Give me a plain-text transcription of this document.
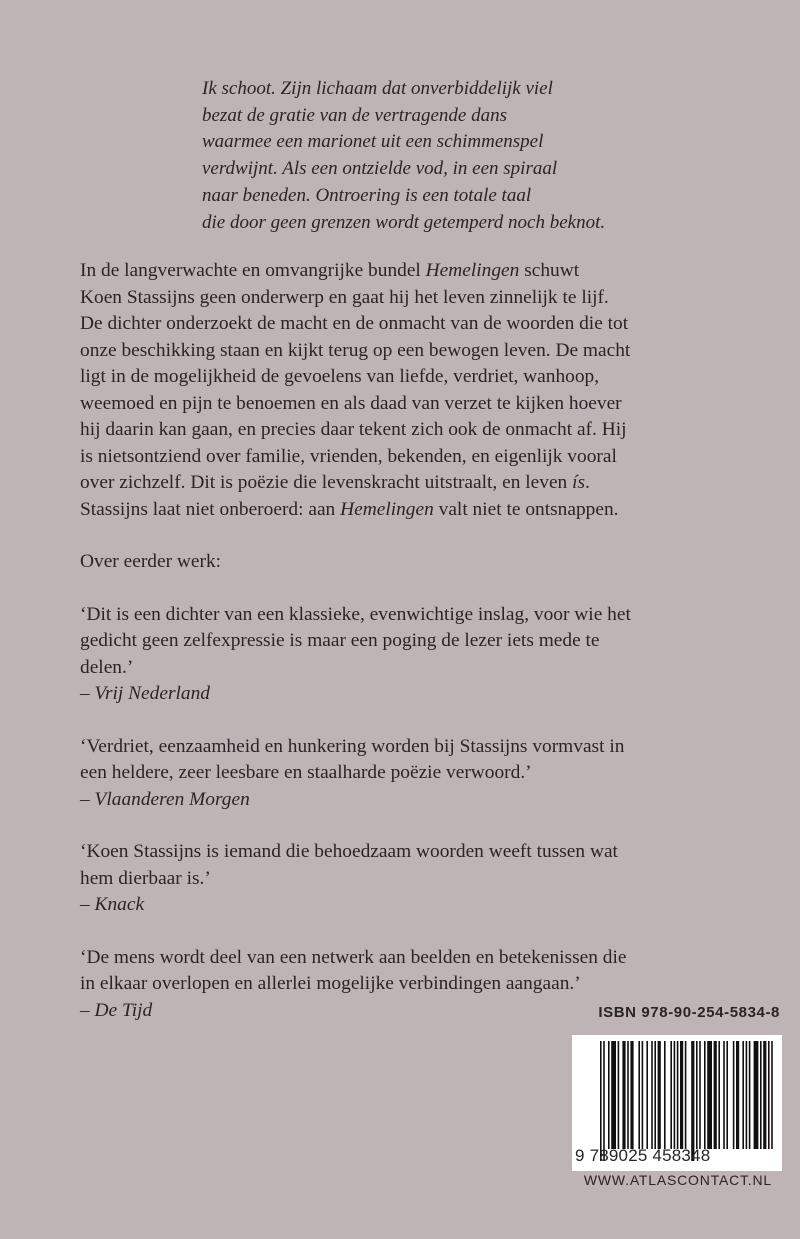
Ik schoot. Zijn lichaam dat onverbiddelijk viel
bezat de gratie van de vertragende dans
waarmee een marionet uit een schimmenspel
verdwijnt. Als een ontzielde vod, in een spiraal
naar beneden. Ontroering is een totale taal
die door geen grenzen wordt getemperd noch beknot.
In de langverwachte en omvangrijke bundel Hemelingen schuwt
Koen Stassijns geen onderwerp en gaat hij het leven zinnelijk te lijf.
De dichter onderzoekt de macht en de onmacht van de woorden die tot
onze beschikking staan en kijkt terug op een bewogen leven. De macht
ligt in de mogelijkheid de gevoelens van liefde, verdriet, wanhoop,
weemoed en pijn te benoemen en als daad van verzet te kijken hoever
hij daarin kan gaan, en precies daar tekent zich ook de onmacht af. Hij
is nietsontziend over familie, vrienden, bekenden, en eigenlijk vooral
over zichzelf. Dit is poëzie die levenskracht uitstraalt, en leven ís.
Stassijns laat niet onberoerd: aan Hemelingen valt niet te ontsnappen.
Over eerder werk:
‘Dit is een dichter van een klassieke, evenwichtige inslag, voor wie het
gedicht geen zelfexpressie is maar een poging de lezer iets mede te
delen.’
– Vrij Nederland
‘Verdriet, eenzaamheid en hunkering worden bij Stassijns vormvast in
een heldere, zeer leesbare en staalharde poëzie verwoord.’
– Vlaanderen Morgen
‘Koen Stassijns is iemand die behoedzaam woorden weeft tussen wat
hem dierbaar is.’
– Knack
‘De mens wordt deel van een netwerk aan beelden en betekenissen die
in elkaar overlopen en allerlei mogelijke verbindingen aangaan.’
– De Tijd	ISBN 978-90-254-5834-8
9 789025 458348
WWW.ATLASCONTACT.NL
